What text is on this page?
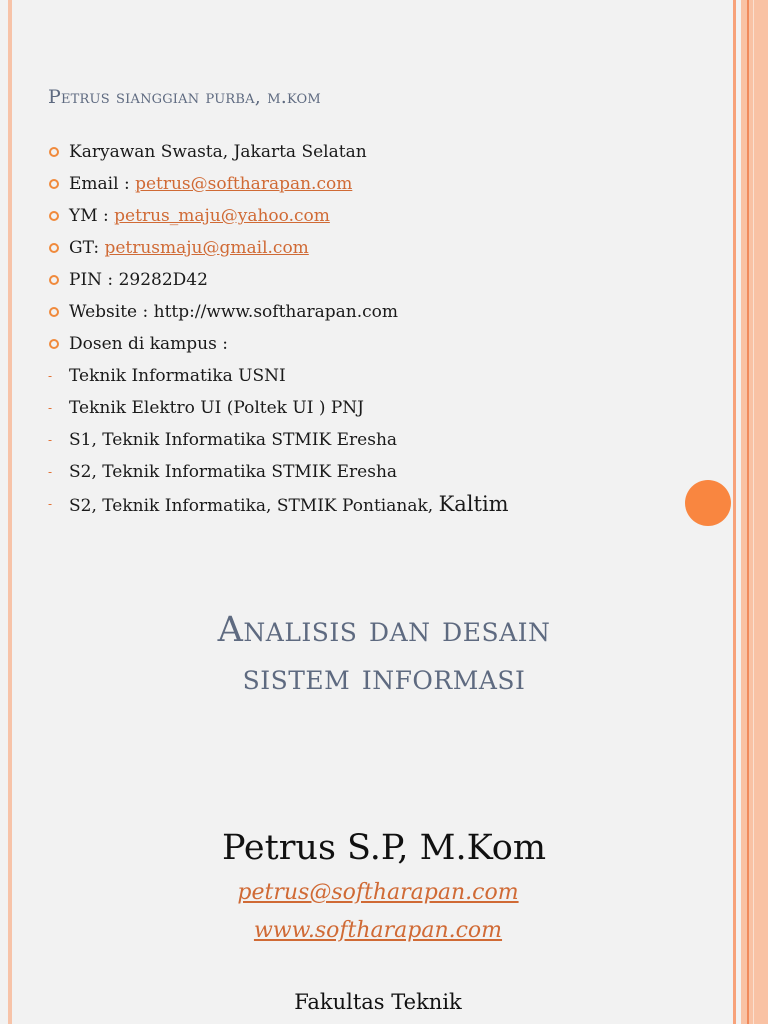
Petrus sianggian purba, m.kom
Karyawan Swasta, Jakarta Selatan
Email : petrus@softharapan.com
YM : petrus_maju@yahoo.com
GT: petrusmaju@gmail.com
PIN : 29282D42
Website : http://www.softharapan.com
Dosen di kampus :
- Teknik Informatika USNI
- Teknik Elektro UI (Poltek UI ) PNJ
- S1, Teknik Informatika STMIK Eresha
- S2, Teknik Informatika STMIK Eresha
- S2, Teknik Informatika, STMIK Pontianak, Kaltim
Analisis dan desain
sistem informasi
Petrus S.P, M.Kom
petrus@softharapan.com
www.softharapan.com
Fakultas Teknik
